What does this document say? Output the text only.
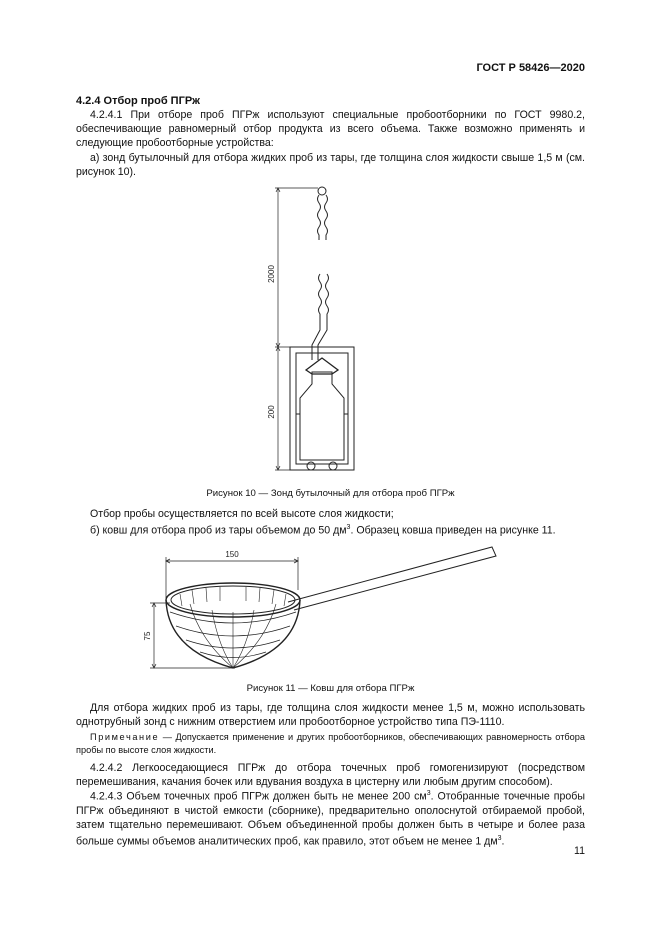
ГОСТ Р 58426—2020
4.2.4 Отбор проб ПГРж
4.2.4.1 При отборе проб ПГРж используют специальные пробоотборники по ГОСТ 9980.2, обеспечивающие равномерный отбор продукта из всего объема. Также возможно применять и следующие пробоотборные устройства:
а) зонд бутылочный для отбора жидких проб из тары, где толщина слоя жидкости свыше 1,5 м (см. рисунок 10).
2000
200
Рисунок 10 — Зонд бутылочный для отбора проб ПГРж
Отбор пробы осуществляется по всей высоте слоя жидкости;
б) ковш для отбора проб из тары объемом до 50 $дм^3$. Образец ковша приведен на рисунке 11.
150
75
Рисунок 11 — Ковш для отбора ПГРж
Для отбора жидких проб из тары, где толщина слоя жидкости менее 1,5 м, можно использовать однотрубный зонд с нижним отверстием или пробоотборное устройство типа ПЭ-1110.
Примечание — Допускается применение и других пробоотборников, обеспечивающих равномерность отбора пробы по высоте слоя жидкости.
4.2.4.2 Легкооседающиеся ПГРж до отбора точечных проб гомогенизируют (посредством перемешивания, качания бочек или вдувания воздуха в цистерну или любым другим способом).
4.2.4.3 Объем точечных проб ПГРж должен быть не менее 200 $см^3$. Отобранные точечные пробы ПГРж объединяют в чистой емкости (сборнике), предварительно ополоснутой отбираемой пробой, затем тщательно перемешивают. Объем объединенной пробы должен быть в четыре и более раза больше суммы объемов аналитических проб, как правило, этот объем не менее 1 $дм^3$.
11
